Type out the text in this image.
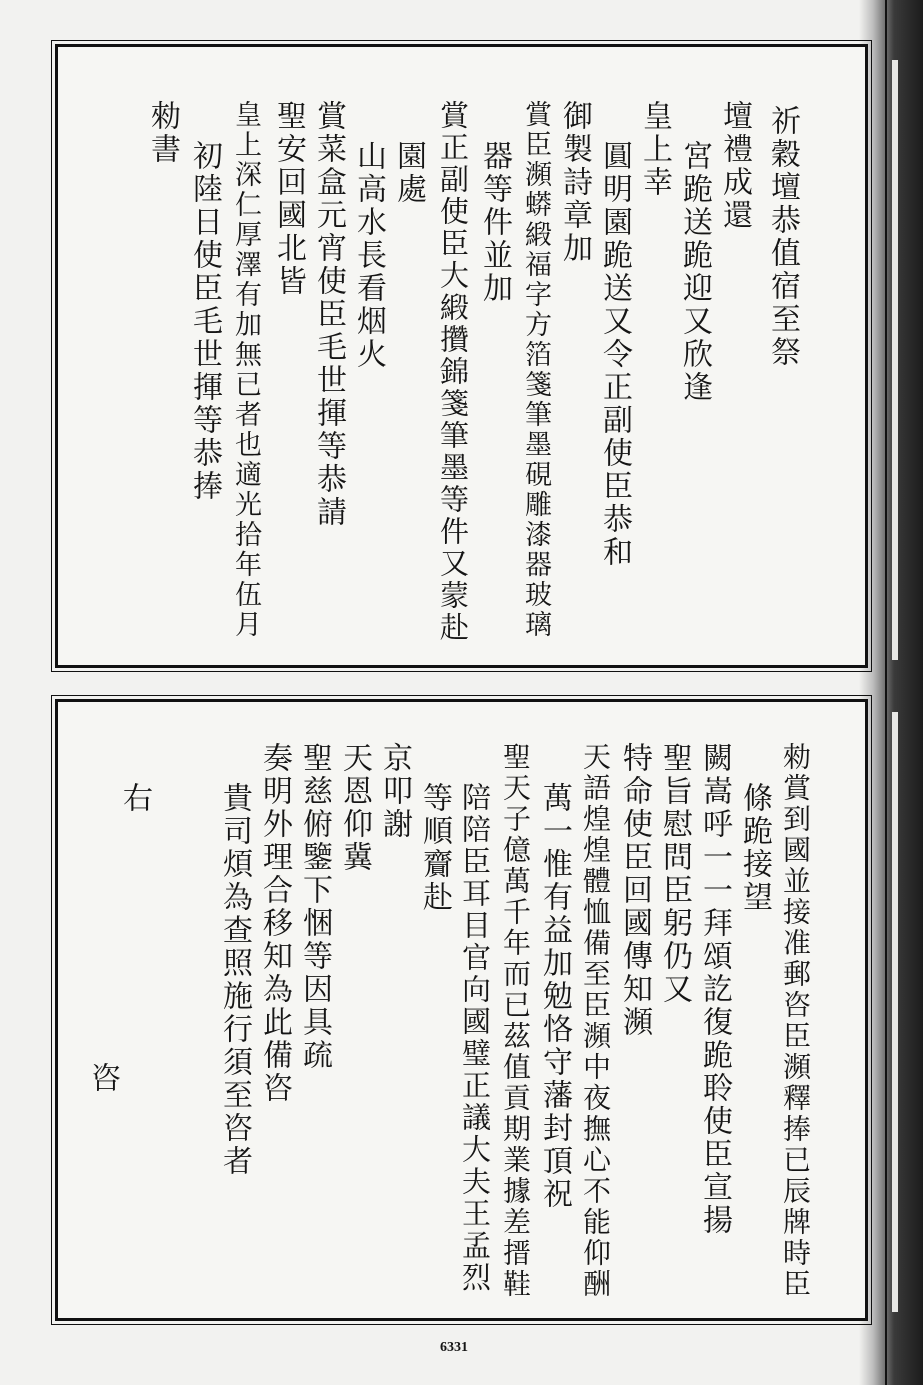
祈穀壇恭值宿至祭
壇禮成還
宮跪送跪迎又欣逢
皇上幸
圓明園跪送又令正副使臣恭和
御製詩章加
賞臣瀕蟒緞福字方箔箋筆墨硯雕漆器玻璃
器等件並加
賞正副使臣大緞攢錦箋筆墨等件又蒙赴
園處
山高水長看烟火
賞菜盒元宵使臣毛世揮等恭請
聖安回國北皆
皇上深仁厚澤有加無已者也適光拾年伍月
初陸日使臣毛世揮等恭捧
勑書
勑賞到國並接准郵咨臣瀕釋捧已辰牌時臣
條跪接望
闕嵩呼一一拜頌訖復跪聆使臣宣揚
聖旨慰問臣躬仍又
特命使臣回國傳知瀕
天語煌煌體恤備至臣瀕中夜撫心不能仰酬
萬一惟有益加勉恪守藩封頂祝
聖天子億萬千年而已茲值貢期業據差搢鞋
陪陪臣耳目官向國璧正議大夫王孟烈
等順齎赴
京叩謝
天恩仰冀
聖慈俯鑒下悃等因具疏
奏明外理合移知為此備咨
貴司煩為查照施行須至咨者
右
咨
6331
